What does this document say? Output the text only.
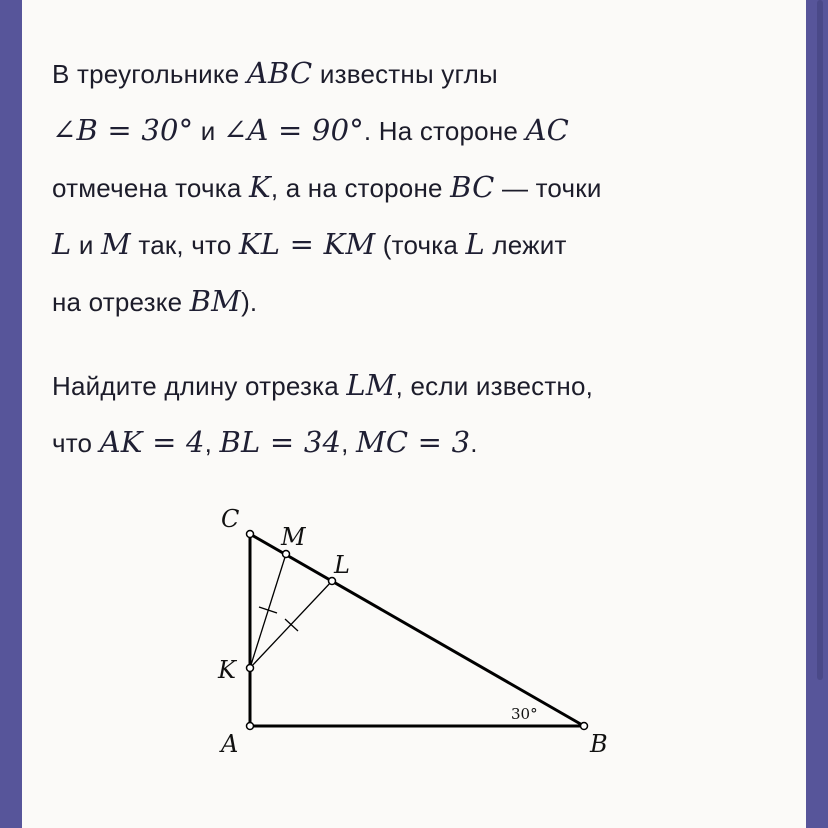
В треугольнике ABC известны углы
∠B = 30° и ∠A = 90°. На стороне AC
отмечена точка K, а на стороне BC — точки
L и M так, что KL = KM (точка L лежит
на отрезке BM).
Найдите длину отрезка LM, если известно,
что AK = 4, BL = 34, MC = 3.
C
M
L
K
A	B
30°
